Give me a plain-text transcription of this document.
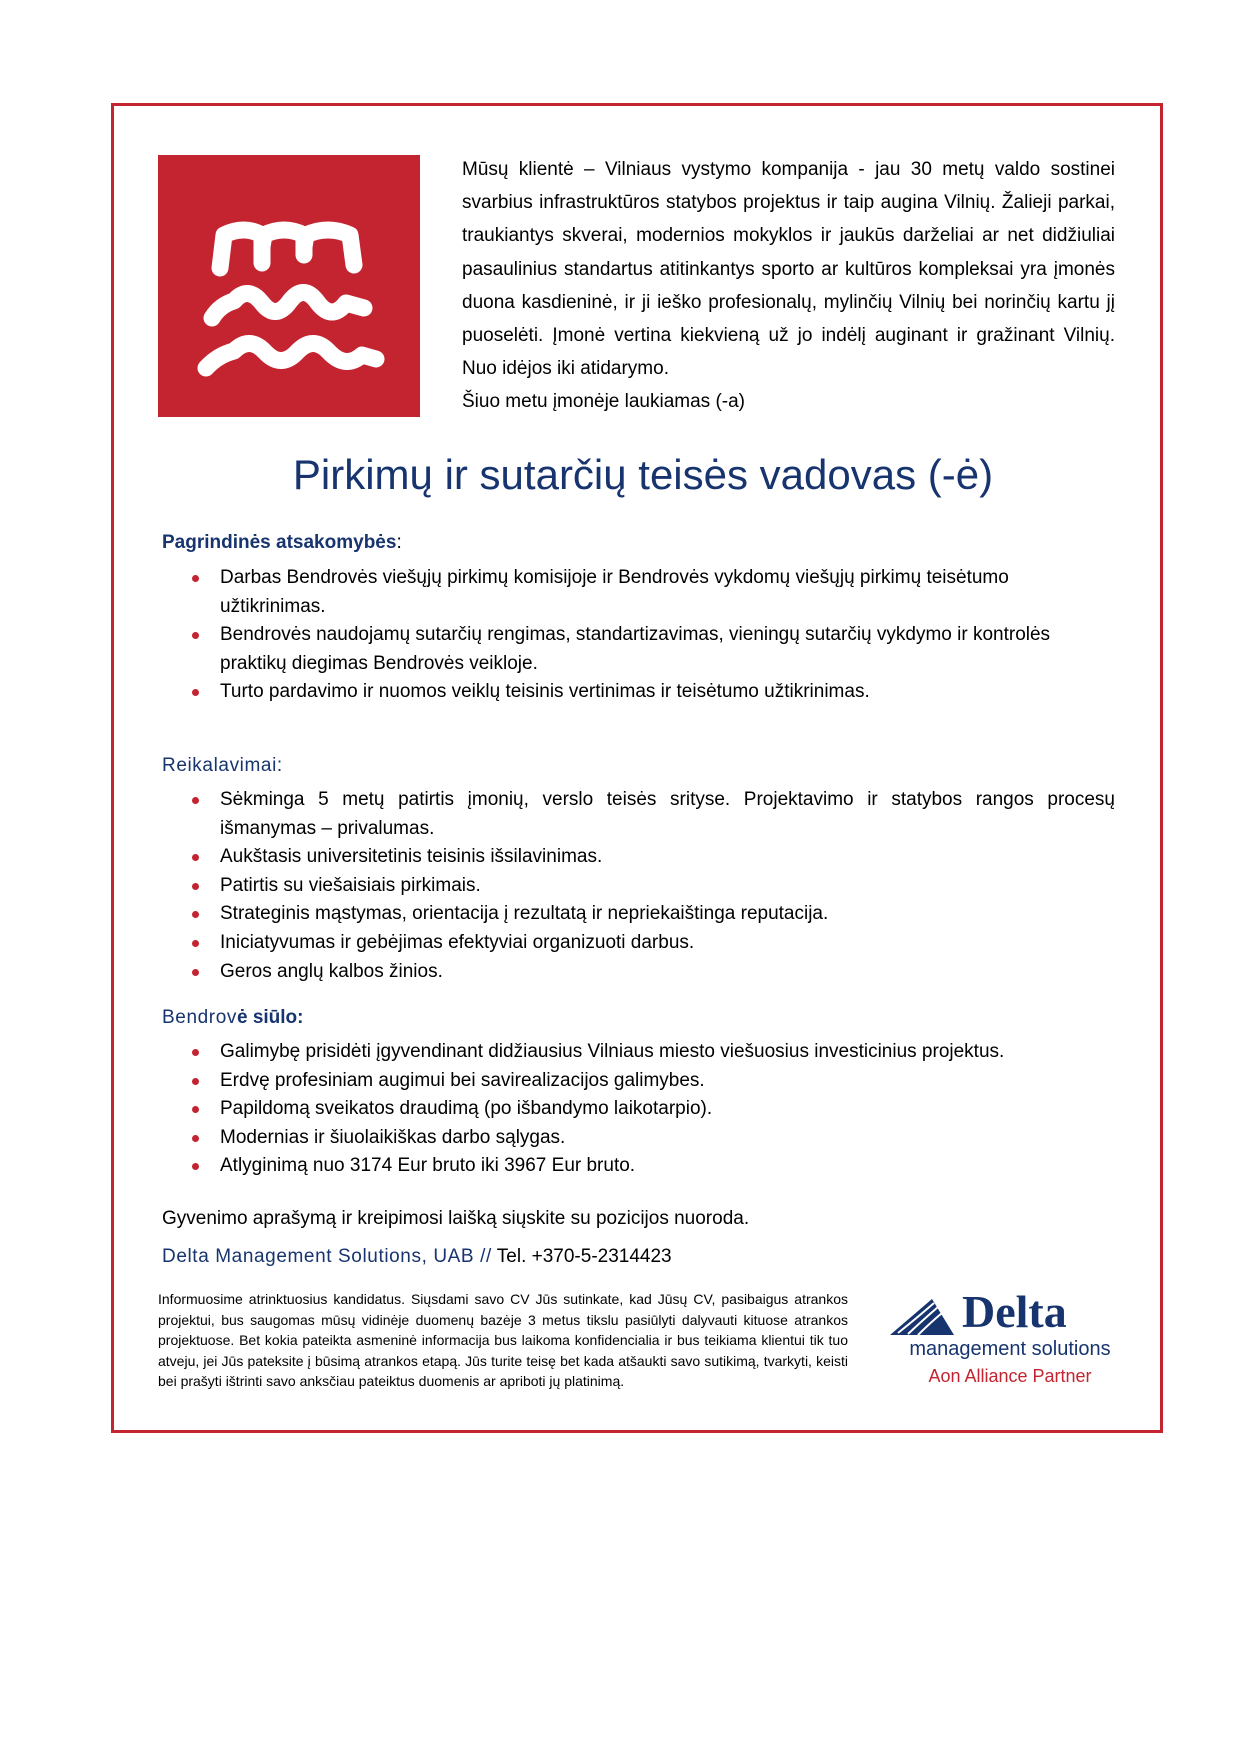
Mūsų klientė – Vilniaus vystymo kompanija - jau 30 metų valdo sostinei svarbius infrastruktūros statybos projektus ir taip augina Vilnių. Žalieji parkai, traukiantys skverai, modernios mokyklos ir jaukūs darželiai ar net didžiuliai pasaulinius standartus atitinkantys sporto ar kultūros kompleksai yra įmonės duona kasdieninė, ir ji ieško profesionalų, mylinčių Vilnių bei norinčių kartu jį puoselėti. Įmonė vertina kiekvieną už jo indėlį auginant ir gražinant Vilnių. Nuo idėjos iki atidarymo.

Šiuo metu įmonėje laukiamas (-a)

Pirkimų ir sutarčių teisės vadovas (-ė)

Pagrindinės atsakomybės:

Darbas Bendrovės viešųjų pirkimų komisijoje ir Bendrovės vykdomų viešųjų pirkimų teisėtumo užtikrinimas.
Bendrovės naudojamų sutarčių rengimas, standartizavimas, vieningų sutarčių vykdymo ir kontrolės praktikų diegimas Bendrovės veikloje.
Turto pardavimo ir nuomos veiklų teisinis vertinimas ir teisėtumo užtikrinimas.

Reikalavimai:

Sėkminga 5 metų patirtis įmonių, verslo teisės srityse. Projektavimo ir statybos rangos procesų išmanymas – privalumas.
Aukštasis universitetinis teisinis išsilavinimas.
Patirtis su viešaisiais pirkimais.
Strateginis mąstymas, orientacija į rezultatą ir nepriekaištinga reputacija.
Iniciatyvumas ir gebėjimas efektyviai organizuoti darbus.
Geros anglų kalbos žinios.

Bendrovė siūlo:

Galimybę prisidėti įgyvendinant didžiausius Vilniaus miesto viešuosius investicinius projektus.
Erdvę profesiniam augimui bei savirealizacijos galimybes.
Papildomą sveikatos draudimą (po išbandymo laikotarpio).
Modernias ir šiuolaikiškas darbo sąlygas.
Atlyginimą nuo 3174 Eur bruto iki 3967 Eur bruto.

Gyvenimo aprašymą ir kreipimosi laišką siųskite su pozicijos nuoroda.

Delta Management Solutions, UAB // Tel. +370-5-2314423

Informuosime atrinktuosius kandidatus. Siųsdami savo CV Jūs sutinkate, kad Jūsų CV, pasibaigus atrankos projektui, bus saugomas mūsų vidinėje duomenų bazėje 3 metus tikslu pasiūlyti dalyvauti kituose atrankos projektuose. Bet kokia pateikta asmeninė informacija bus laikoma konfidencialia ir bus teikiama klientui tik tuo atveju, jei Jūs pateksite į būsimą atrankos etapą. Jūs turite teisę bet kada atšaukti savo sutikimą, tvarkyti, keisti bei prašyti ištrinti savo anksčiau pateiktus duomenis ar apriboti jų platinimą.

Delta
management solutions
Aon Alliance Partner
